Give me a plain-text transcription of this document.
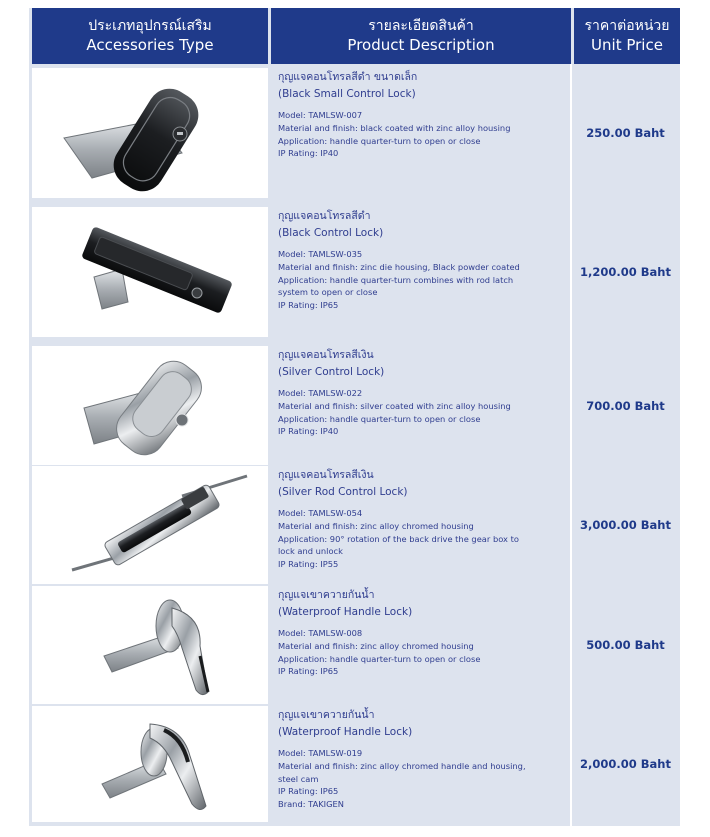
ประเภทอุปกรณ์เสริม
Accessories Type
รายละเอียดสินค้า
Product Description
ราคาต่อหน่วย
Unit Price
กุญแจคอนโทรลสีดำ ขนาดเล็ก
(Black Small Control Lock)
Model: TAMLSW-007
Material and finish: black coated with zinc alloy housing
Application: handle quarter-turn to open or close
IP Rating: IP40
250.00 Baht
กุญแจคอนโทรลสีดำ
(Black Control Lock)
Model: TAMLSW-035
Material and finish: zinc die housing, Black powder coated
Application: handle quarter-turn combines with rod latch
system to open or close
IP Rating: IP65
1,200.00 Baht
กุญแจคอนโทรลสีเงิน
(Silver Control Lock)
Model: TAMLSW-022
Material and finish: silver coated with zinc alloy housing
Application: handle quarter-turn to open or close
IP Rating: IP40
700.00 Baht
กุญแจคอนโทรลสีเงิน
(Silver Rod Control Lock)
Model: TAMLSW-054
Material and finish: zinc alloy chromed housing
Application: 90° rotation of the back drive the gear box to
lock and unlock
IP Rating: IP55
3,000.00 Baht
กุญแจเขาควายกันน้ำ
(Waterproof Handle Lock)
Model: TAMLSW-008
Material and finish: zinc alloy chromed housing
Application: handle quarter-turn to open or close
IP Rating: IP65
500.00 Baht
กุญแจเขาควายกันน้ำ
(Waterproof Handle Lock)
Model: TAMLSW-019
Material and finish: zinc alloy chromed handle and housing,
steel cam
IP Rating: IP65
Brand: TAKIGEN
2,000.00 Baht
